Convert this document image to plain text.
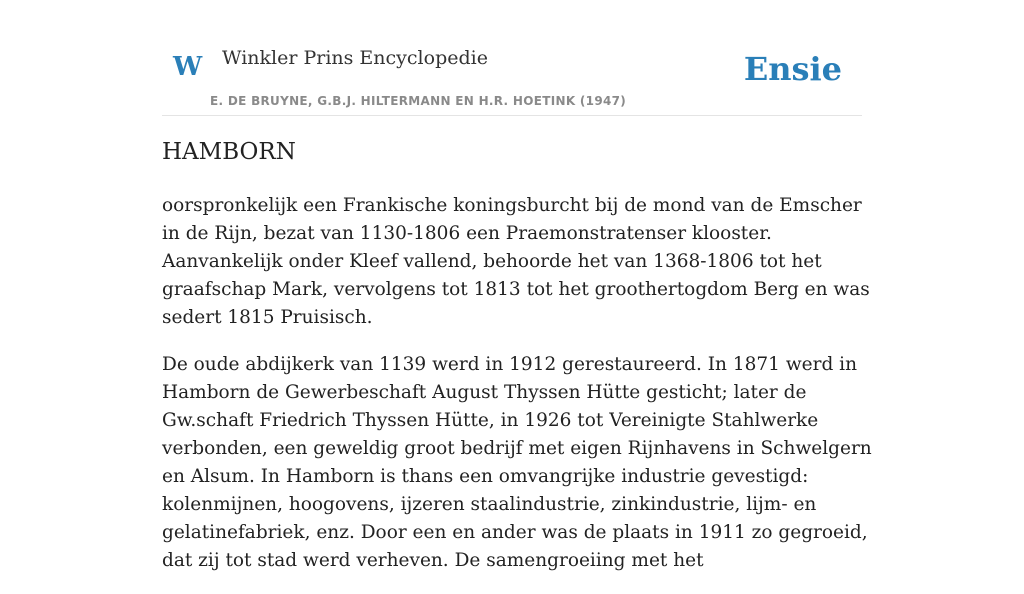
W Winkler Prins Encyclopedie
E. DE BRUYNE, G.B.J. HILTERMANN EN H.R. HOETINK (1947)
Ensie
HAMBORN

oorspronkelijk een Frankische koningsburcht bij de mond van de Emscher in de Rijn, bezat van 1130-1806 een Praemonstratenser klooster. Aanvankelijk onder Kleef vallend, behoorde het van 1368-1806 tot het graafschap Mark, vervolgens tot 1813 tot het groothertogdom Berg en was sedert 1815 Pruisisch.

De oude abdijkerk van 1139 werd in 1912 gerestaureerd. In 1871 werd in Hamborn de Gewerbeschaft August Thyssen Hütte gesticht; later de Gw.schaft Friedrich Thyssen Hütte, in 1926 tot Vereinigte Stahlwerke verbonden, een geweldig groot bedrijf met eigen Rijnhavens in Schwelgern en Alsum. In Hamborn is thans een omvangrijke industrie gevestigd: kolenmijnen, hoogovens, ijzeren staalindustrie, zinkindustrie, lijm- en gelatinefabriek, enz. Door een en ander was de plaats in 1911 zo gegroeid, dat zij tot stad werd verheven. De samengroeiing met het
